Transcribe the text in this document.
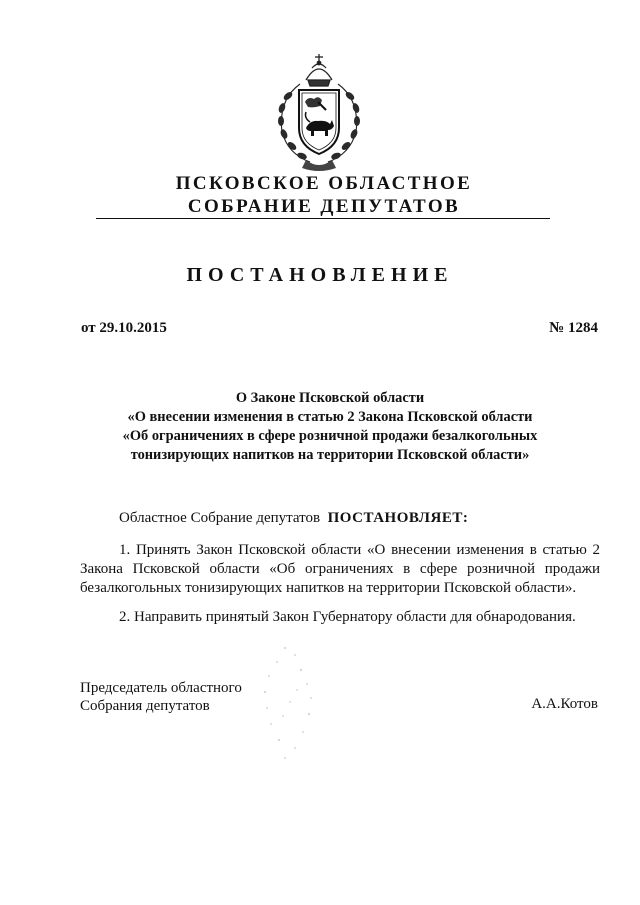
ПСКОВСКОЕ ОБЛАСТНОЕ
СОБРАНИЕ ДЕПУТАТОВ
ПОСТАНОВЛЕНИЕ
от 29.10.2015	№ 1284
О Законе Псковской области
«О внесении изменения в статью 2 Закона Псковской области
«Об ограничениях в сфере розничной продажи безалкогольных
тонизирующих напитков на территории Псковской области»
Областное Собрание депутатов ПОСТАНОВЛЯЕТ:
1. Принять Закон Псковской области «О внесении изменения в статью 2 Закона Псковской области «Об ограничениях в сфере розничной продажи безалкогольных тонизирующих напитков на территории Псковской области».
2. Направить принятый Закон Губернатору области для обнародования.
Председатель областного
Собрания депутатов	А.А.Котов
